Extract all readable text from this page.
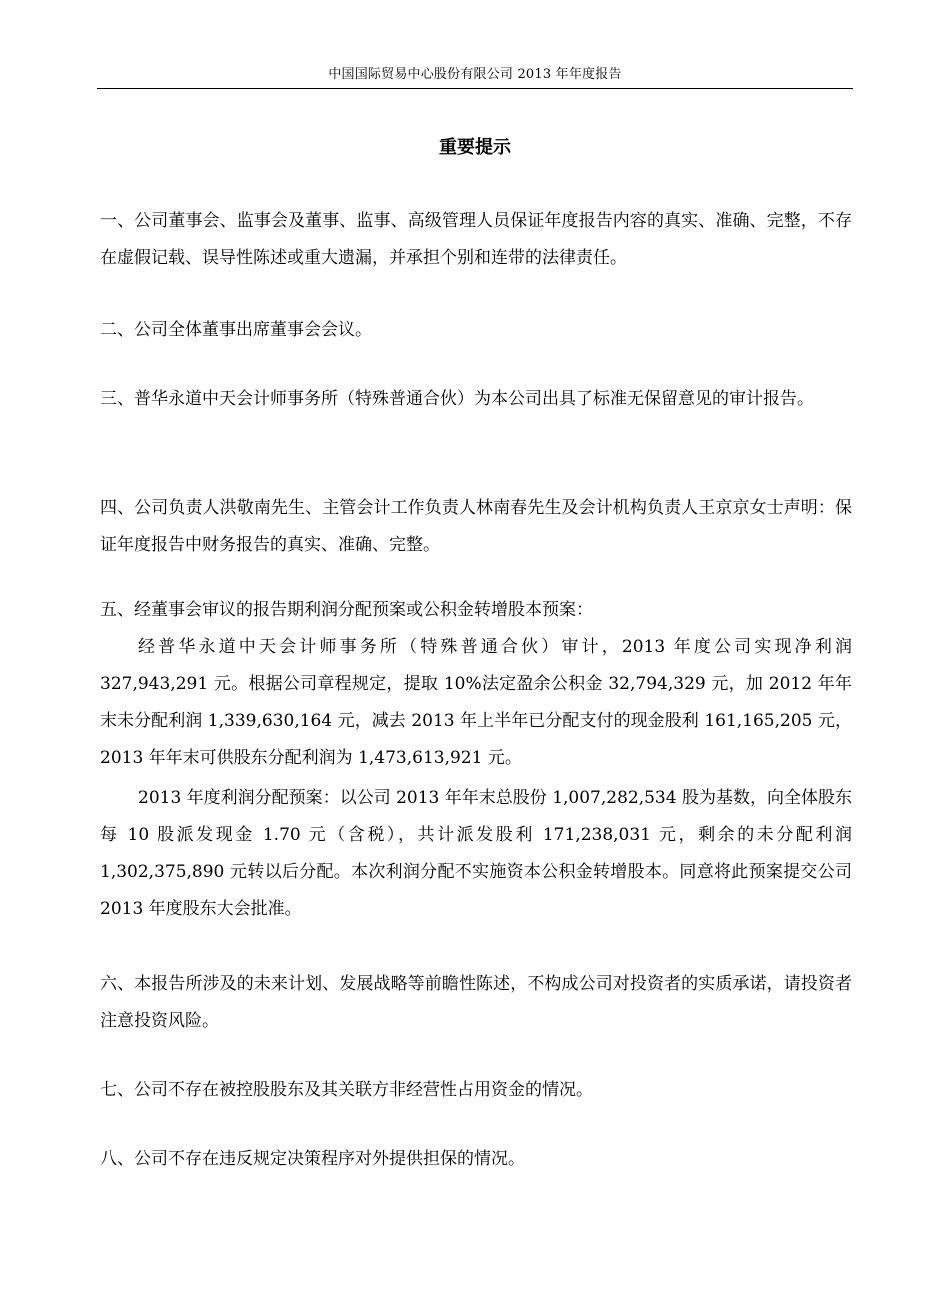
中国国际贸易中心股份有限公司 2013 年年度报告
重要提示

一、公司董事会、监事会及董事、监事、高级管理人员保证年度报告内容的真实、准确、完整，不存在虚假记载、误导性陈述或重大遗漏，并承担个别和连带的法律责任。

二、公司全体董事出席董事会会议。

三、普华永道中天会计师事务所（特殊普通合伙）为本公司出具了标准无保留意见的审计报告。

四、公司负责人洪敬南先生、主管会计工作负责人林南春先生及会计机构负责人王京京女士声明：保证年度报告中财务报告的真实、准确、完整。

五、经董事会审议的报告期利润分配预案或公积金转增股本预案：

经普华永道中天会计师事务所（特殊普通合伙）审计，2013 年度公司实现净利润327,943,291 元。根据公司章程规定，提取 10%法定盈余公积金 32,794,329 元，加 2012 年年末未分配利润 1,339,630,164 元，减去 2013 年上半年已分配支付的现金股利 161,165,205 元，2013 年年末可供股东分配利润为 1,473,613,921 元。

2013 年度利润分配预案：以公司 2013 年年末总股份 1,007,282,534 股为基数，向全体股东每 10 股派发现金 1.70 元（含税），共计派发股利 171,238,031 元，剩余的未分配利润 1,302,375,890 元转以后分配。本次利润分配不实施资本公积金转增股本。同意将此预案提交公司 2013 年度股东大会批准。

六、本报告所涉及的未来计划、发展战略等前瞻性陈述，不构成公司对投资者的实质承诺，请投资者注意投资风险。

七、公司不存在被控股股东及其关联方非经营性占用资金的情况。

八、公司不存在违反规定决策程序对外提供担保的情况。
